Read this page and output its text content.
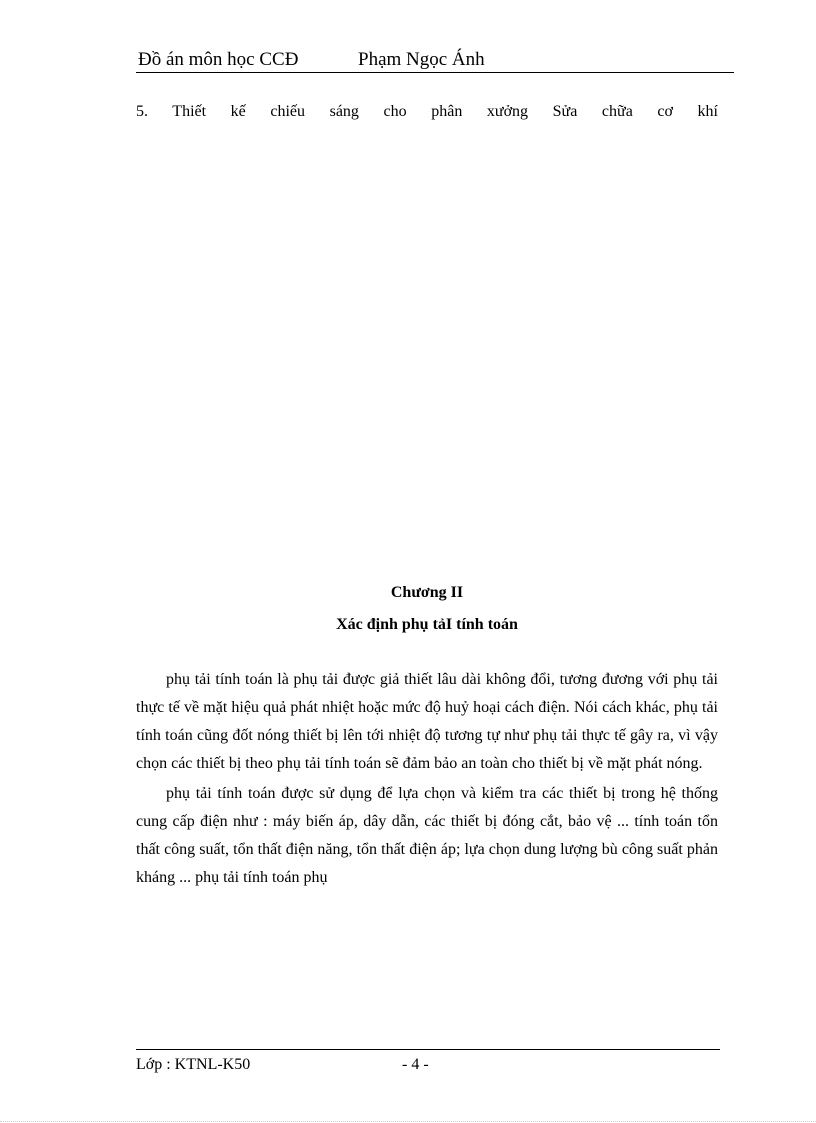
Đồ án môn học CCĐ	Phạm Ngọc Ánh
5. Thiết kế chiếu sáng cho phân xưởng Sửa chữa cơ khí
Chương II
Xác định phụ tảI tính toán

phụ tải tính toán là phụ tải được giả thiết lâu dài không đổi, tương đương với phụ tải thực tế về mặt hiệu quả phát nhiệt hoặc mức độ huỷ hoại cách điện. Nói cách khác, phụ tải tính toán cũng đốt nóng thiết bị lên tới nhiệt độ tương tự như phụ tải thực tế gây ra, vì vậy chọn các thiết bị theo phụ tải tính toán sẽ đảm bảo an toàn cho thiết bị về mặt phát nóng.

phụ tải tính toán được sử dụng để lựa chọn và kiểm tra các thiết bị trong hệ thống cung cấp điện như : máy biến áp, dây dẫn, các thiết bị đóng cắt, bảo vệ ... tính toán tổn thất công suất, tổn thất điện năng, tổn thất điện áp; lựa chọn dung lượng bù công suất phản kháng ... phụ tải tính toán phụ

Lớp : KTNL-K50	- 4 -
